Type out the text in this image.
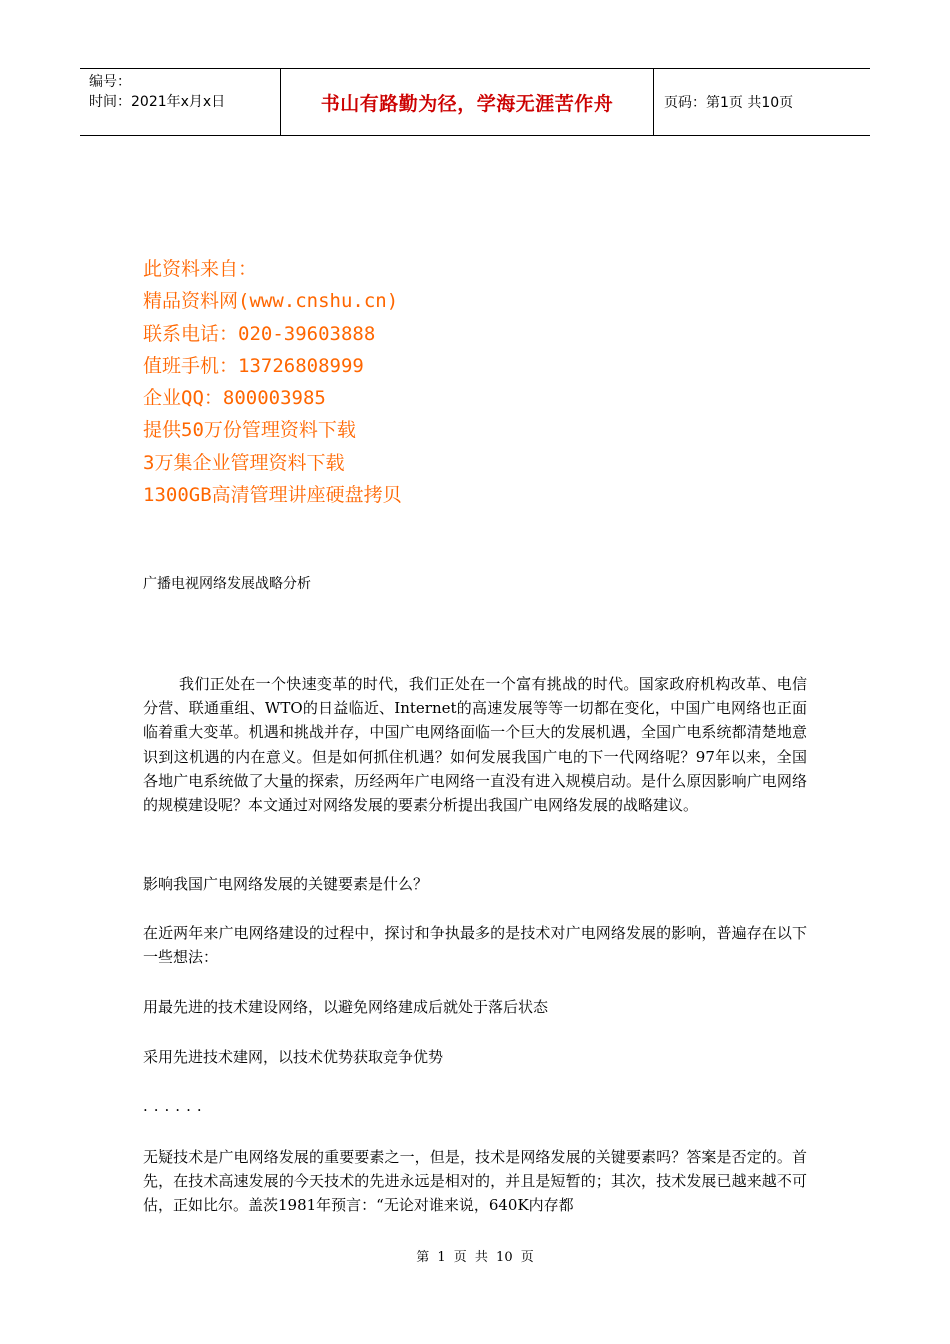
编号：
时间：2021年x月x日	书山有路勤为径，学海无涯苦作舟	页码：第1页 共10页
此资料来自：
精品资料网(www.cnshu.cn)
联系电话：020-39603888
值班手机：13726808999
企业QQ：800003985
提供50万份管理资料下载
3万集企业管理资料下载
1300GB高清管理讲座硬盘拷贝
广播电视网络发展战略分析
我们正处在一个快速变革的时代，我们正处在一个富有挑战的时代。国家政府机构改革、电信分营、联通重组、WTO的日益临近、Internet的高速发展等等一切都在变化，中国广电网络也正面临着重大变革。机遇和挑战并存，中国广电网络面临一个巨大的发展机遇，全国广电系统都清楚地意识到这机遇的内在意义。但是如何抓住机遇？如何发展我国广电的下一代网络呢？97年以来，全国各地广电系统做了大量的探索，历经两年广电网络一直没有进入规模启动。是什么原因影响广电网络的规模建设呢？本文通过对网络发展的要素分析提出我国广电网络发展的战略建议。
影响我国广电网络发展的关键要素是什么？
在近两年来广电网络建设的过程中，探讨和争执最多的是技术对广电网络发展的影响，普遍存在以下一些想法：
用最先进的技术建设网络，以避免网络建成后就处于落后状态
采用先进技术建网，以技术优势获取竞争优势
......
无疑技术是广电网络发展的重要要素之一，但是，技术是网络发展的关键要素吗？答案是否定的。首先，在技术高速发展的今天技术的先进永远是相对的，并且是短暂的；其次，技术发展已越来越不可估，正如比尔。盖茨1981年预言：“无论对谁来说，640K内存都
第 1 页 共 10 页
